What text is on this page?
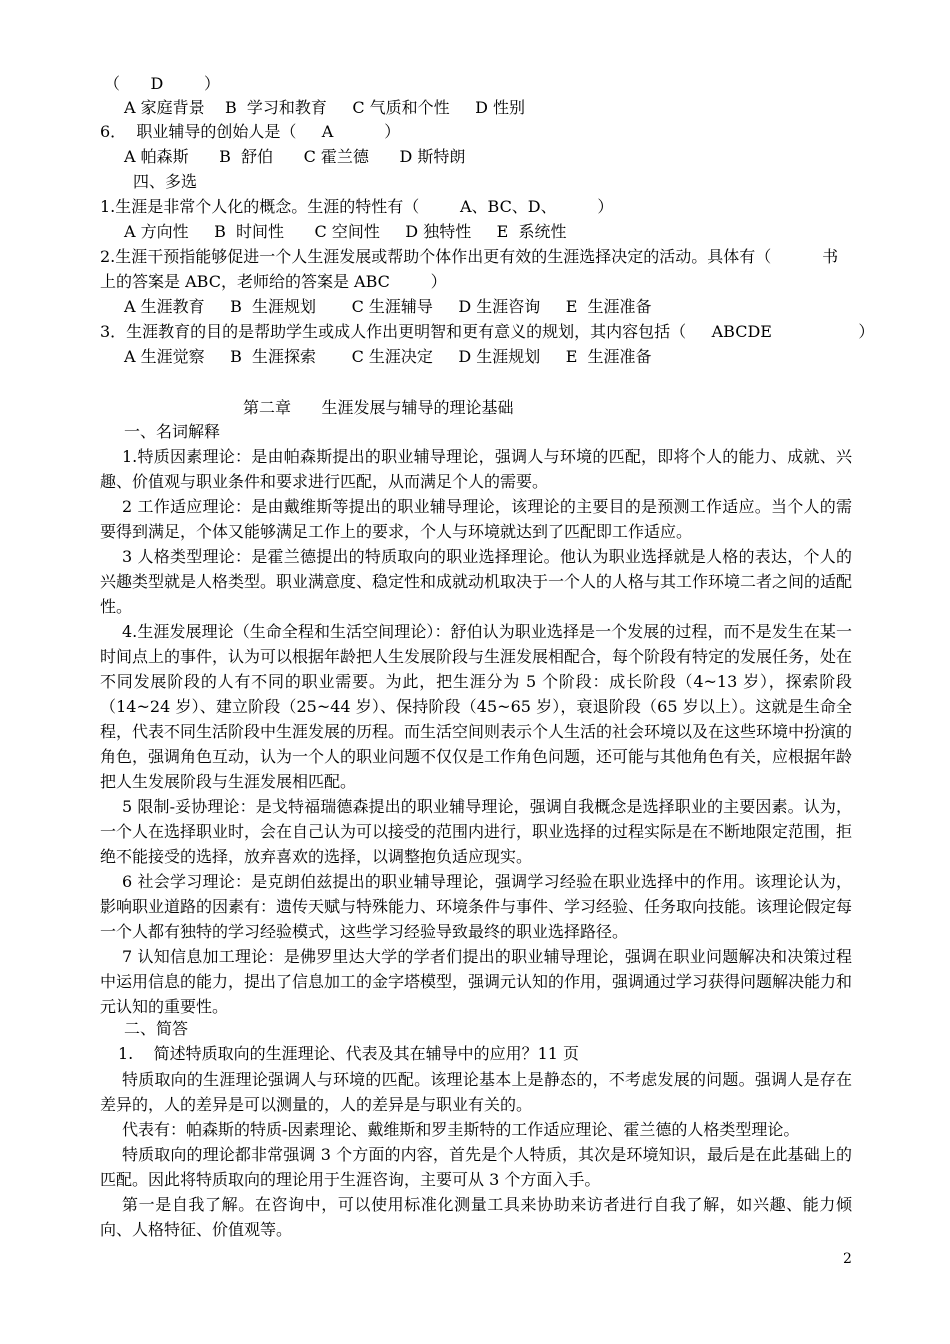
（      D        ）
A 家庭背景    B  学习和教育     C 气质和个性     D 性别
6．  职业辅导的创始人是（     A          ）
A 帕森斯      B  舒伯      C 霍兰德      D 斯特朗
四、多选
1.生涯是非常个人化的概念。生涯的特性有（        A、BC、D、        ）
A 方向性     B  时间性      C 空间性     D 独特性     E  系统性
2.生涯干预指能够促进一个人生涯发展或帮助个体作出更有效的生涯选择决定的活动。具体有（          书
上的答案是 ABC，老师给的答案是 ABC        ）
A 生涯教育     B  生涯规划       C 生涯辅导     D 生涯咨询     E  生涯准备
3．生涯教育的目的是帮助学生或成人作出更明智和更有意义的规划，其内容包括（     ABCDE                 ）
A 生涯觉察     B  生涯探索       C 生涯决定     D 生涯规划     E  生涯准备
第二章      生涯发展与辅导的理论基础
一、名词解释

1.特质因素理论：是由帕森斯提出的职业辅导理论，强调人与环境的匹配，即将个人的能力、成就、兴趣、价值观与职业条件和要求进行匹配，从而满足个人的需要。

2 工作适应理论：是由戴维斯等提出的职业辅导理论，该理论的主要目的是预测工作适应。当个人的需要得到满足，个体又能够满足工作上的要求，个人与环境就达到了匹配即工作适应。

3 人格类型理论：是霍兰德提出的特质取向的职业选择理论。他认为职业选择就是人格的表达，个人的兴趣类型就是人格类型。职业满意度、稳定性和成就动机取决于一个人的人格与其工作环境二者之间的适配性。

4.生涯发展理论（生命全程和生活空间理论）：舒伯认为职业选择是一个发展的过程，而不是发生在某一时间点上的事件，认为可以根据年龄把人生发展阶段与生涯发展相配合，每个阶段有特定的发展任务，处在不同发展阶段的人有不同的职业需要。为此，把生涯分为 5 个阶段：成长阶段（4~13 岁），探索阶段（14~24 岁）、建立阶段（25~44 岁）、保持阶段（45~65 岁），衰退阶段（65 岁以上）。这就是生命全程，代表不同生活阶段中生涯发展的历程。而生活空间则表示个人生活的社会环境以及在这些环境中扮演的角色，强调角色互动，认为一个人的职业问题不仅仅是工作角色问题，还可能与其他角色有关，应根据年龄把人生发展阶段与生涯发展相匹配。

5 限制-妥协理论：是戈特福瑞德森提出的职业辅导理论，强调自我概念是选择职业的主要因素。认为，一个人在选择职业时，会在自己认为可以接受的范围内进行，职业选择的过程实际是在不断地限定范围，拒绝不能接受的选择，放弃喜欢的选择，以调整抱负适应现实。

6 社会学习理论：是克朗伯兹提出的职业辅导理论，强调学习经验在职业选择中的作用。该理论认为，影响职业道路的因素有：遗传天赋与特殊能力、环境条件与事件、学习经验、任务取向技能。该理论假定每一个人都有独特的学习经验模式，这些学习经验导致最终的职业选择路径。

7 认知信息加工理论：是佛罗里达大学的学者们提出的职业辅导理论，强调在职业问题解决和决策过程中运用信息的能力，提出了信息加工的金字塔模型，强调元认知的作用，强调通过学习获得问题解决能力和元认知的重要性。

二、简答
1.    简述特质取向的生涯理论、代表及其在辅导中的应用？11 页

特质取向的生涯理论强调人与环境的匹配。该理论基本上是静态的，不考虑发展的问题。强调人是存在差异的，人的差异是可以测量的，人的差异是与职业有关的。

代表有：帕森斯的特质-因素理论、戴维斯和罗圭斯特的工作适应理论、霍兰德的人格类型理论。

特质取向的理论都非常强调 3 个方面的内容，首先是个人特质，其次是环境知识，最后是在此基础上的匹配。因此将特质取向的理论用于生涯咨询，主要可从 3 个方面入手。

第一是自我了解。在咨询中，可以使用标准化测量工具来协助来访者进行自我了解，如兴趣、能力倾向、人格特征、价值观等。

2
